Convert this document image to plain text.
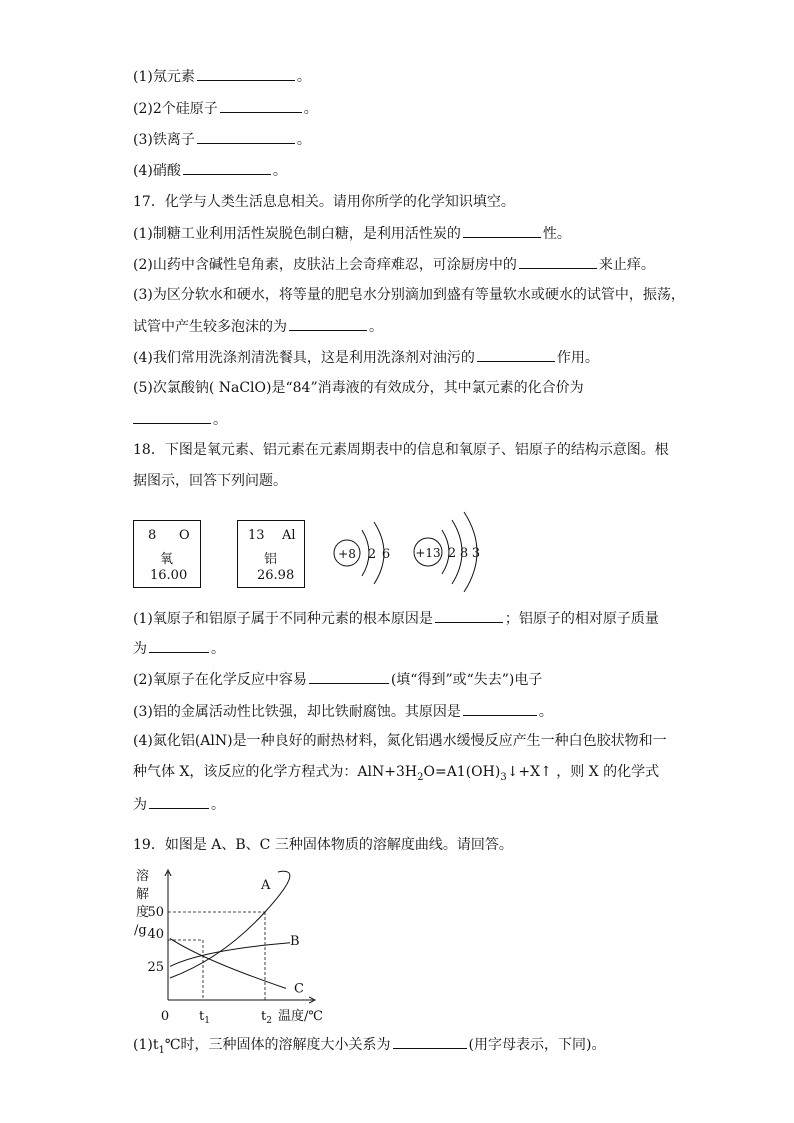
(1)氖元素	。
(2)2个硅原子	。
(3)铁离子	。
(4)硝酸	。
17．化学与人类生活息息相关。请用你所学的化学知识填空。
(1)制糖工业利用活性炭脱色制白糖，是利用活性炭的	性。
(2)山药中含碱性皂角素，皮肤沾上会奇痒难忍，可涂厨房中的	来止痒。
(3)为区分软水和硬水，将等量的肥皂水分别滴加到盛有等量软水或硬水的试管中，振荡，
试管中产生较多泡沫的为	。
(4)我们常用洗涤剂清洗餐具，这是利用洗涤剂对油污的	作用。
(5)次氯酸钠( NaClO)是“84”消毒液的有效成分，其中氯元素的化合价为
。
18．下图是氧元素、铝元素在元素周期表中的信息和氧原子、铝原子的结构示意图。根
据图示，回答下列问题。
8 O
氧
16.00
13 Al
铝
26.98
+8 2 6 +13 2 8 3
(1)氧原子和铝原子属于不同种元素的根本原因是	；铝原子的相对原子质量
为	。
(2)氧原子在化学反应中容易	(填“得到”或“失去”)电子
(3)铝的金属活动性比铁强，却比铁耐腐蚀。其原因是	。
(4)氮化铝(AlN)是一种良好的耐热材料，氮化铝遇水缓慢反应产生一种白色胶状物和一
种气体 X，该反应的化学方程式为：$AlN+3H_2O=A1(OH)_3↓+X↑$ ，则 X 的化学式
为	。
19．如图是 A、B、C 三种固体物质的溶解度曲线。请回答。
溶
解
度
/g
25
40
50
0 $t_1$	$t_2$ 温度/℃
A
B
C
$(1)t_1℃$时，三种固体的溶解度大小关系为	(用字母表示，下同)。
